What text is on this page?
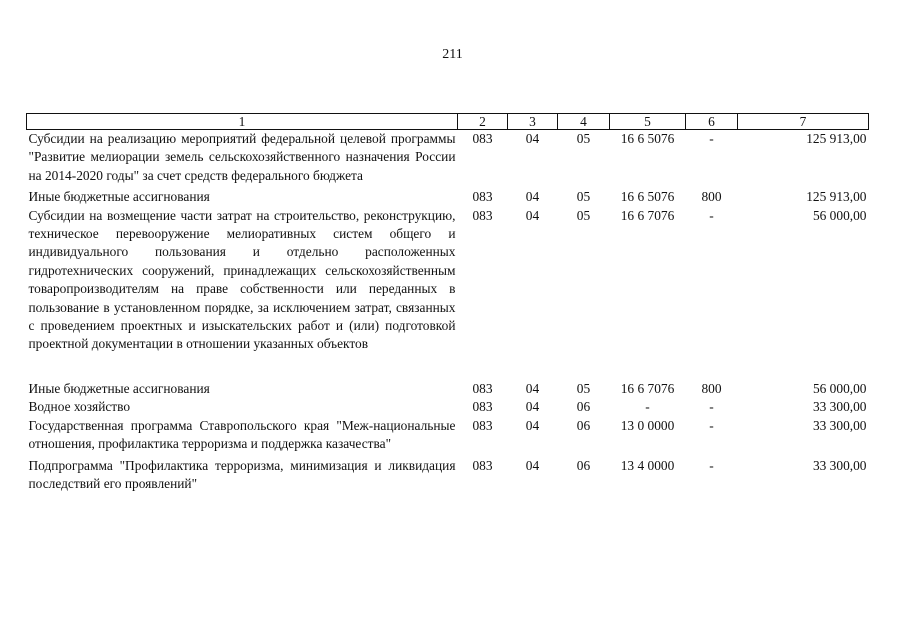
211
1	2	3	4	5	6	7
Субсидии на реализацию мероприятий федеральной целевой программы "Развитие мелиорации земель сельскохозяйственного назначения России на 2014-2020 годы" за счет средств федерального бюджета	083	04	05	16 6 5076	-	125 913,00
Иные бюджетные ассигнования	083	04	05	16 6 5076	800	125 913,00
Субсидии на возмещение части затрат на строительство, реконструкцию, техническое перевооружение мелиоративных систем общего и индивидуального пользования и отдельно расположенных гидротехнических сооружений, принадлежащих сельскохозяйственным товаропроизводителям на праве собственности или переданных в пользование в установленном порядке, за исключением затрат, связанных с проведением проектных и изыскательских работ и (или) подготовкой проектной документации в отношении указанных объектов	083	04	05	16 6 7076	-	56 000,00

Иные бюджетные ассигнования	083	04	05	16 6 7076	800	56 000,00
Водное хозяйство	083	04	06	-	-	33 300,00
Государственная программа Ставропольского края "Меж-национальные отношения, профилактика терроризма и поддержка казачества"	083	04	06	13 0 0000	-	33 300,00
Подпрограмма "Профилактика терроризма, минимизация и ликвидация последствий его проявлений"	083	04	06	13 4 0000	-	33 300,00
